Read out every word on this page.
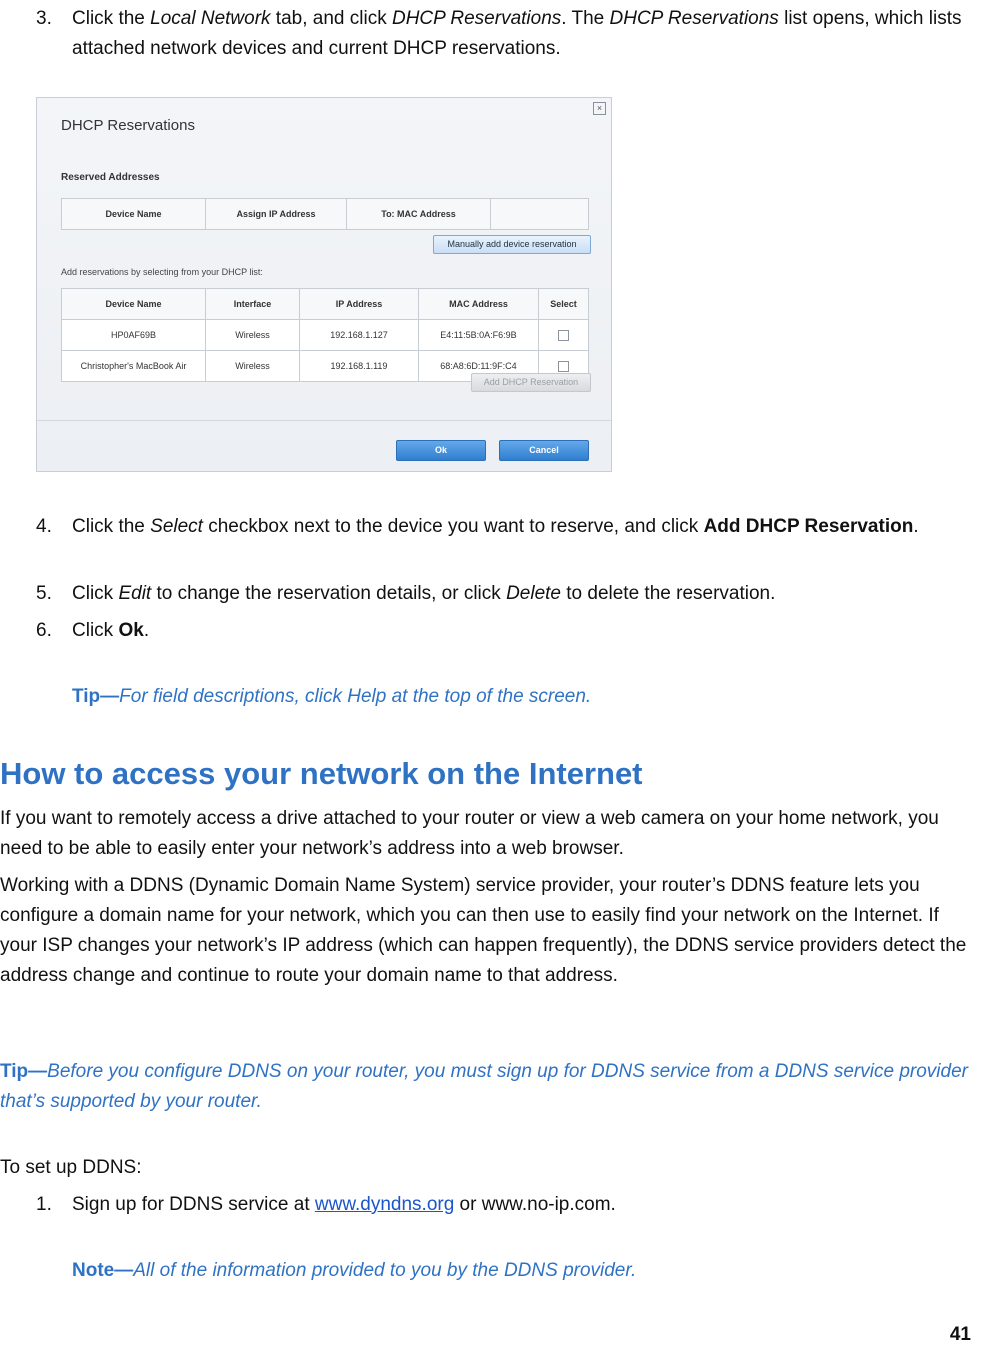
3.	Click the Local Network tab, and click DHCP Reservations. The DHCP Reservations list opens, which lists attached network devices and current DHCP reservations.
×
DHCP Reservations
Reserved Addresses
Device Name	Assign IP Address	To: MAC Address	
Manually add device reservation
Add reservations by selecting from your DHCP list:
Device Name	Interface	IP Address	MAC Address	Select
HP0AF69B	Wireless	192.168.1.127	E4:11:5B:0A:F6:9B	
Christopher's MacBook Air	Wireless	192.168.1.119	68:A8:6D:11:9F:C4	
Add DHCP Reservation
Ok	Cancel
4.	Click the Select checkbox next to the device you want to reserve, and click Add DHCP Reservation.
5.	Click Edit to change the reservation details, or click Delete to delete the reservation.
6.	Click Ok.
Tip—For field descriptions, click Help at the top of the screen.
How to access your network on the Internet

If you want to remotely access a drive attached to your router or view a web camera on your home network, you need to be able to easily enter your network’s address into a web browser.

Working with a DDNS (Dynamic Domain Name System) service provider, your router’s DDNS feature lets you configure a domain name for your network, which you can then use to easily find your network on the Internet. If your ISP changes your network’s IP address (which can happen frequently), the DDNS service providers detect the address change and continue to route your domain name to that address.

Tip—Before you configure DDNS on your router, you must sign up for DDNS service from a DDNS service provider that’s supported by your router.

To set up DDNS:

1.	Sign up for DDNS service at www.dyndns.org or www.no-ip.com.
Note—All of the information provided to you by the DDNS provider.
41
